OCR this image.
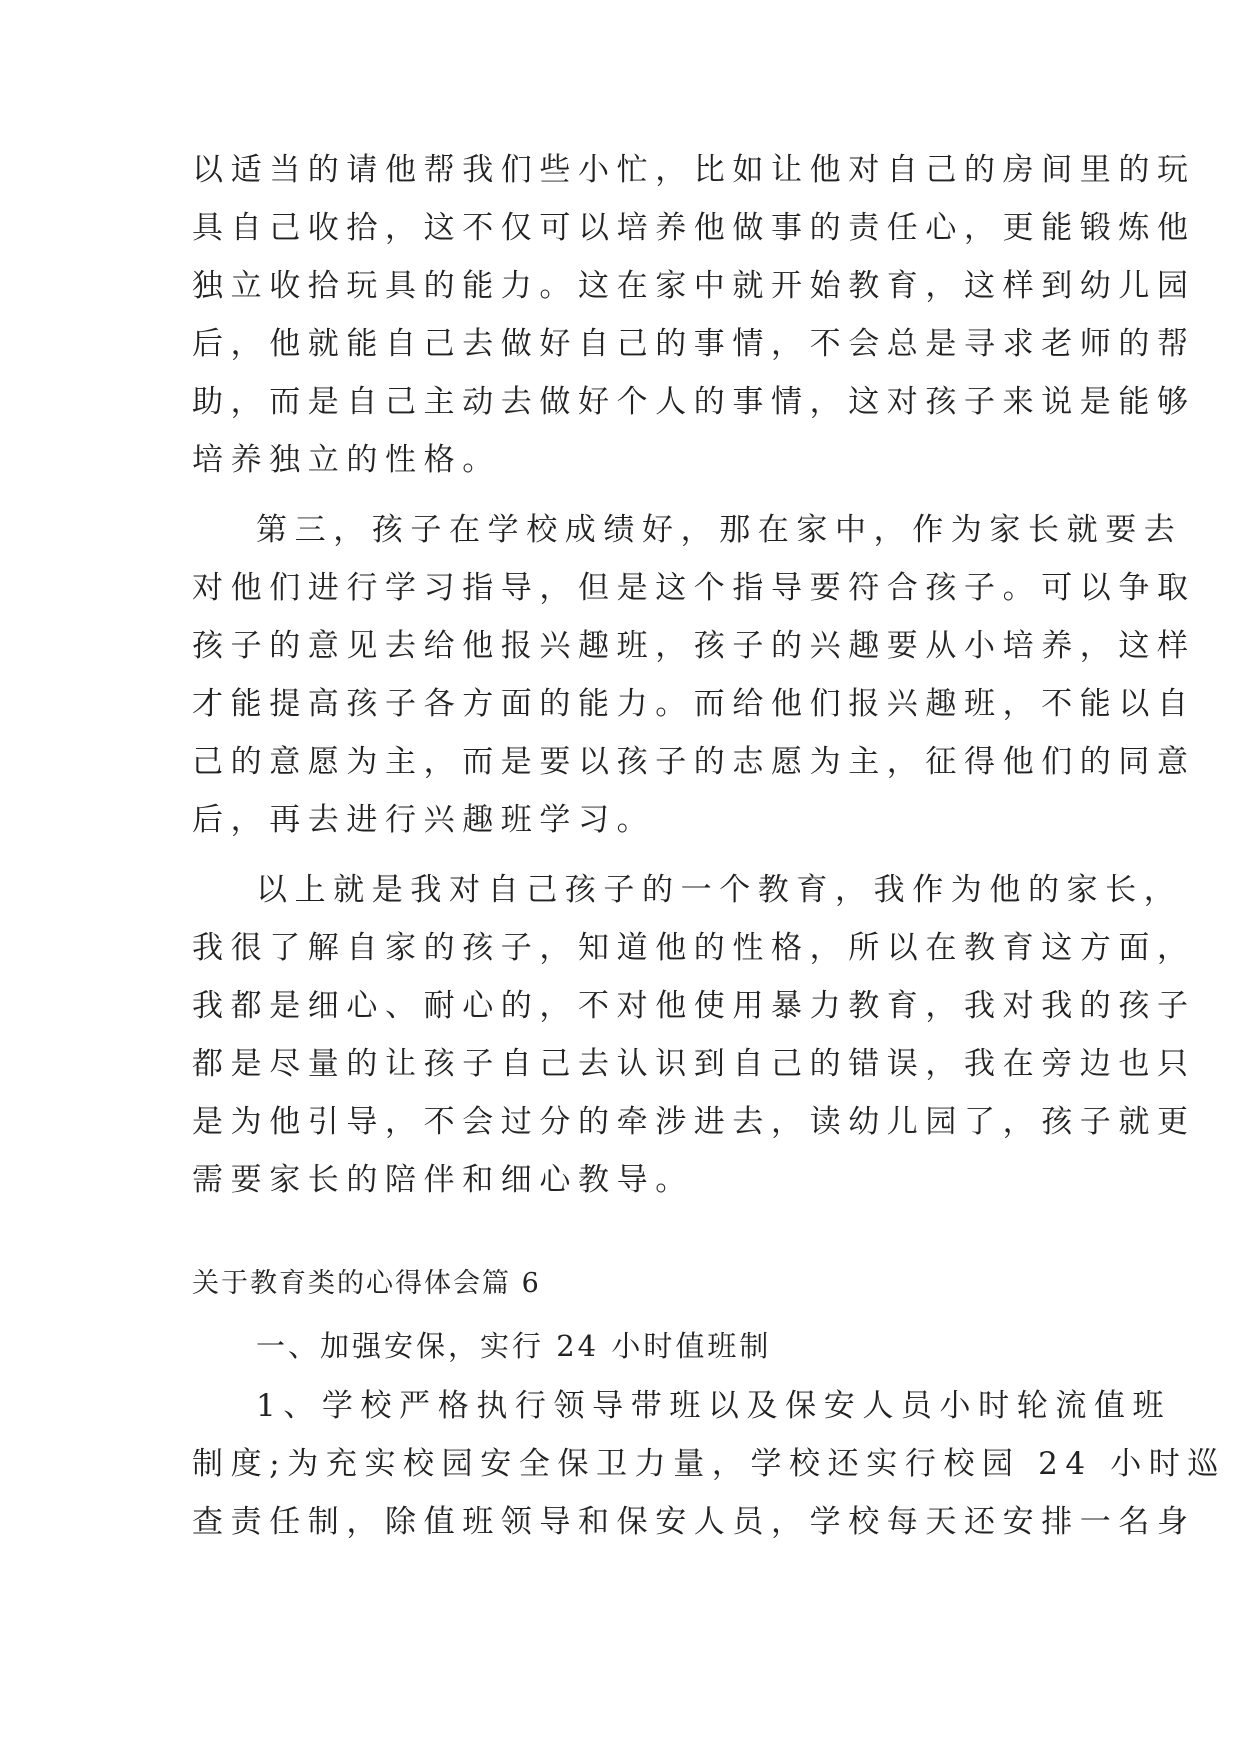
以适当的请他帮我们些小忙，比如让他对自己的房间里的玩
具自己收拾，这不仅可以培养他做事的责任心，更能锻炼他
独立收拾玩具的能力。这在家中就开始教育，这样到幼儿园
后，他就能自己去做好自己的事情，不会总是寻求老师的帮
助，而是自己主动去做好个人的事情，这对孩子来说是能够
培养独立的性格。
第三，孩子在学校成绩好，那在家中，作为家长就要去
对他们进行学习指导，但是这个指导要符合孩子。可以争取
孩子的意见去给他报兴趣班，孩子的兴趣要从小培养，这样
才能提高孩子各方面的能力。而给他们报兴趣班，不能以自
己的意愿为主，而是要以孩子的志愿为主，征得他们的同意
后，再去进行兴趣班学习。
以上就是我对自己孩子的一个教育，我作为他的家长，
我很了解自家的孩子，知道他的性格，所以在教育这方面，
我都是细心、耐心的，不对他使用暴力教育，我对我的孩子
都是尽量的让孩子自己去认识到自己的错误，我在旁边也只
是为他引导，不会过分的牵涉进去，读幼儿园了，孩子就更
需要家长的陪伴和细心教导。
关于教育类的心得体会篇 6
一、加强安保，实行 24 小时值班制
1、学校严格执行领导带班以及保安人员小时轮流值班
制度;为充实校园安全保卫力量，学校还实行校园 24 小时巡
查责任制，除值班领导和保安人员，学校每天还安排一名身
